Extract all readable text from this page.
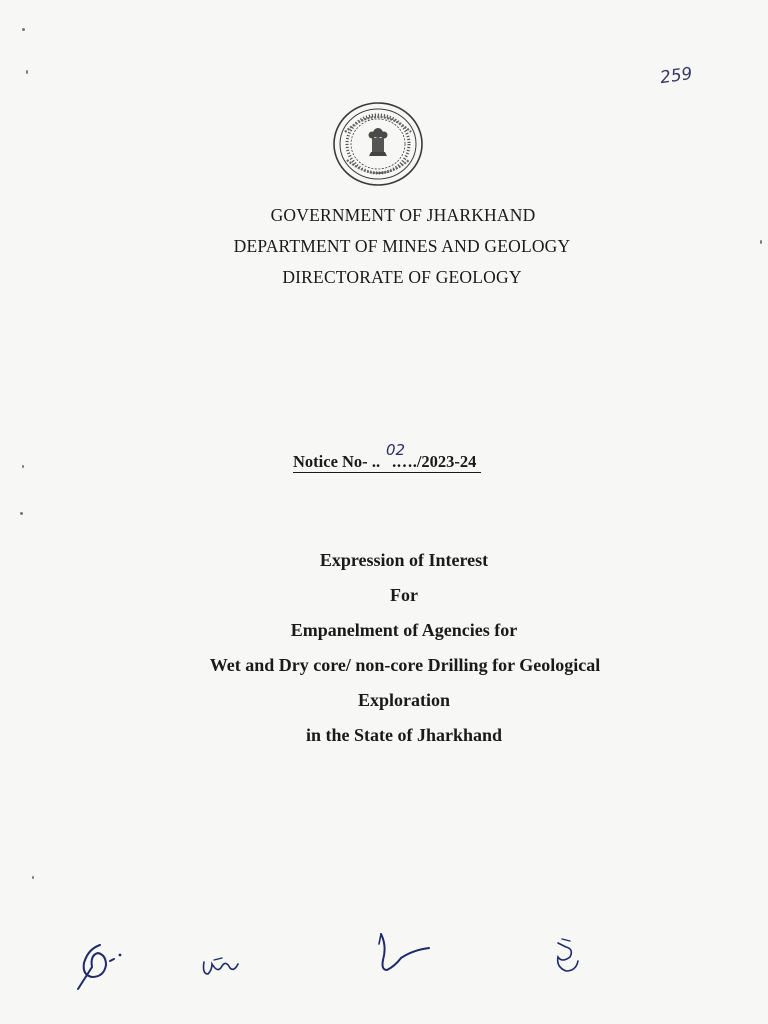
259
GOVERNMENT OF JHARKHAND
DEPARTMENT OF MINES AND GEOLOGY
DIRECTORATE OF GEOLOGY
Notice No- .. .…./2023-24
02
Expression of Interest
For
Empanelment of Agencies for
Wet and Dry core/ non-core Drilling for Geological
Exploration
in the State of Jharkhand
